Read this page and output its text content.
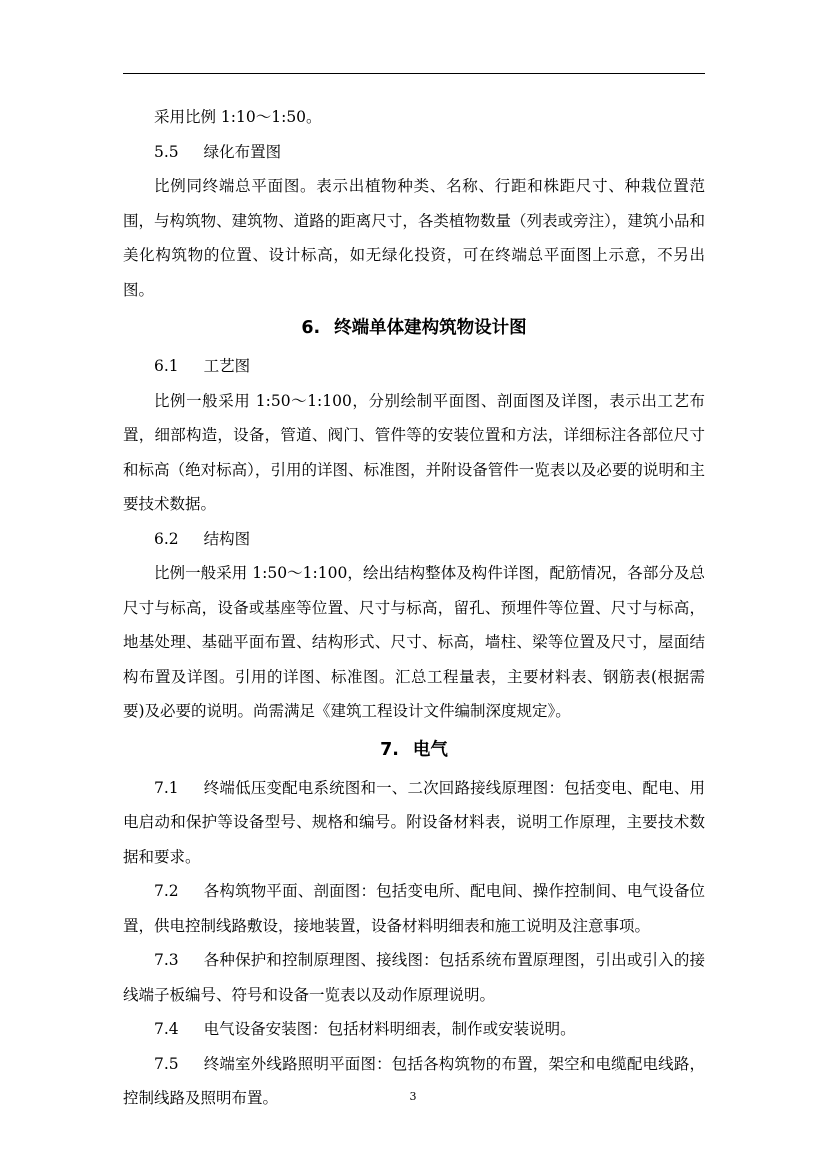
采用比例 1:10～1:50。

5.5 绿化布置图

比例同终端总平面图。表示出植物种类、名称、行距和株距尺寸、种栽位置范围，与构筑物、建筑物、道路的距离尺寸，各类植物数量（列表或旁注），建筑小品和美化构筑物的位置、设计标高，如无绿化投资，可在终端总平面图上示意，不另出图。

6. 终端单体建构筑物设计图

6.1 工艺图

比例一般采用 1:50～1:100，分别绘制平面图、剖面图及详图，表示出工艺布置，细部构造，设备，管道、阀门、管件等的安装位置和方法，详细标注各部位尺寸和标高（绝对标高），引用的详图、标准图，并附设备管件一览表以及必要的说明和主要技术数据。

6.2 结构图

比例一般采用 1:50～1:100，绘出结构整体及构件详图，配筋情况，各部分及总尺寸与标高，设备或基座等位置、尺寸与标高，留孔、预埋件等位置、尺寸与标高，地基处理、基础平面布置、结构形式、尺寸、标高，墙柱、梁等位置及尺寸，屋面结构布置及详图。引用的详图、标准图。汇总工程量表，主要材料表、钢筋表(根据需要)及必要的说明。尚需满足《建筑工程设计文件编制深度规定》。

7. 电气

7.1 终端低压变配电系统图和一、二次回路接线原理图：包括变电、配电、用电启动和保护等设备型号、规格和编号。附设备材料表，说明工作原理，主要技术数据和要求。

7.2 各构筑物平面、剖面图：包括变电所、配电间、操作控制间、电气设备位置，供电控制线路敷设，接地装置，设备材料明细表和施工说明及注意事项。

7.3 各种保护和控制原理图、接线图：包括系统布置原理图，引出或引入的接线端子板编号、符号和设备一览表以及动作原理说明。

7.4 电气设备安装图：包括材料明细表，制作或安装说明。

7.5 终端室外线路照明平面图：包括各构筑物的布置，架空和电缆配电线路，控制线路及照明布置。	3
